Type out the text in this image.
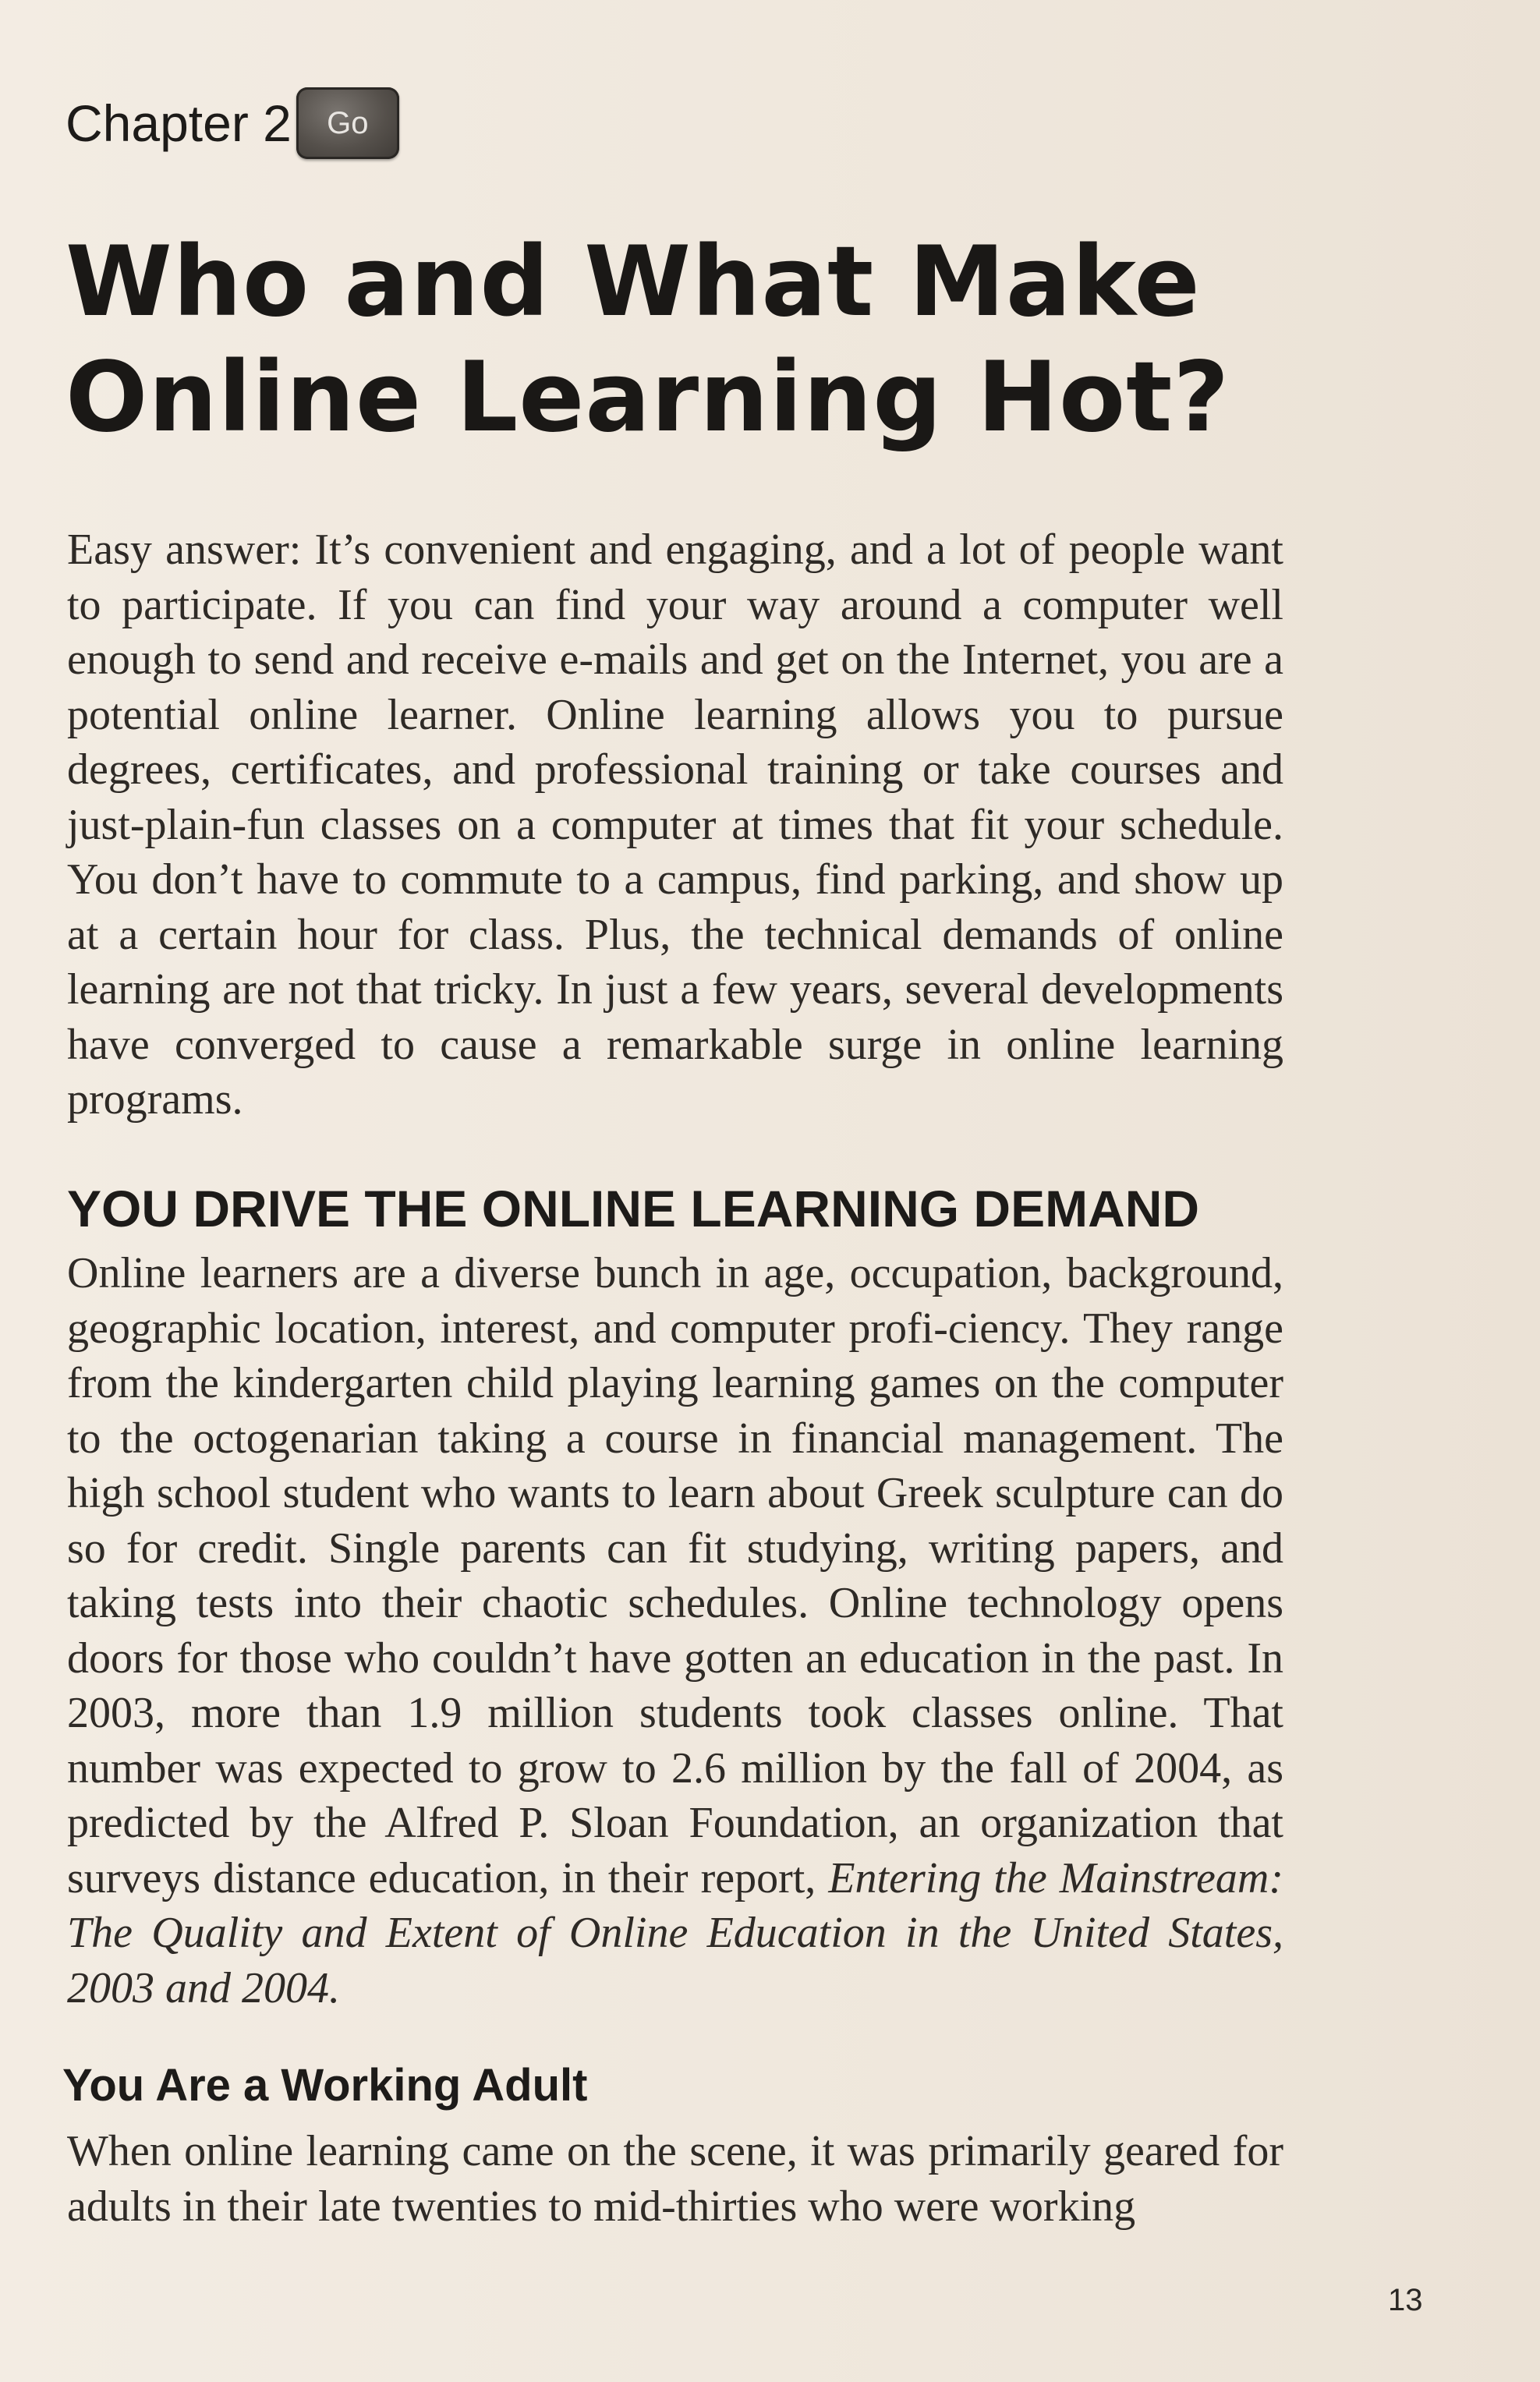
Chapter 2 Go
Who and What Make Online Learning Hot?

Easy answer: It’s convenient and engaging, and a lot of people want to participate. If you can find your way around a computer well enough to send and receive e-mails and get on the Internet, you are a potential online learner. Online learning allows you to pursue degrees, certificates, and professional training or take courses and just-plain-fun classes on a computer at times that fit your schedule. You don’t have to commute to a campus, find parking, and show up at a certain hour for class. Plus, the technical demands of online learning are not that tricky. In just a few years, several developments have converged to cause a remarkable surge in online learning programs.

YOU DRIVE THE ONLINE LEARNING DEMAND

Online learners are a diverse bunch in age, occupation, background, geographic location, interest, and computer profi-ciency. They range from the kindergarten child playing learning games on the computer to the octogenarian taking a course in financial management. The high school student who wants to learn about Greek sculpture can do so for credit. Single parents can fit studying, writing papers, and taking tests into their chaotic schedules. Online technology opens doors for those who couldn’t have gotten an education in the past. In 2003, more than 1.9 million students took classes online. That number was expected to grow to 2.6 million by the fall of 2004, as predicted by the Alfred P. Sloan Foundation, an organization that surveys distance education, in their report, Entering the Mainstream: The Quality and Extent of Online Education in the United States, 2003 and 2004.

You Are a Working Adult

When online learning came on the scene, it was primarily geared for adults in their late twenties to mid-thirties who were working

13
